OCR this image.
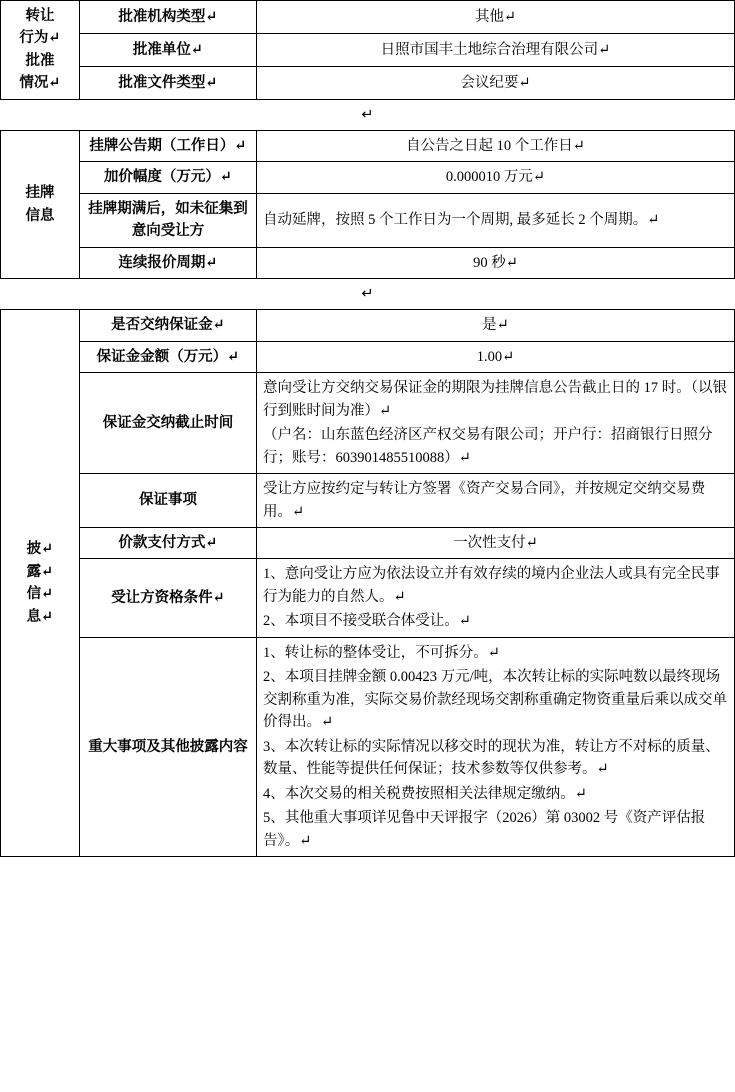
转让
行为↵
批准
情况↵	批准机构类型↵	其他↵
	批准单位↵	日照市国丰土地综合治理有限公司↵
	批准文件类型↵	会议纪要↵
↵
挂牌
信息	挂牌公告期（工作日）↵	自公告之日起 10 个工作日↵
	加价幅度（万元）↵	0.000010 万元↵
	挂牌期满后，如未征集到意向受让方	自动延牌，按照 5 个工作日为一个周期, 最多延长 2 个周期。↵
	连续报价周期↵	90 秒↵
↵
披↵
露↵
信↵
息↵	是否交纳保证金↵	是↵
	保证金金额（万元）↵	1.00↵
	保证金交纳截止时间	意向受让方交纳交易保证金的期限为挂牌信息公告截止日的 17 时。（以银行到账时间为准）↵

（户名：山东蓝色经济区产权交易有限公司；开户行：招商银行日照分行；账号：603901485510088）↵

	保证事项	受让方应按约定与转让方签署《资产交易合同》，并按规定交纳交易费用。↵
	价款支付方式↵	一次性支付↵
	受让方资格条件↵	1、意向受让方应为依法设立并有效存续的境内企业法人或具有完全民事行为能力的自然人。↵

2、本项目不接受联合体受让。↵

	重大事项及其他披露内容	1、转让标的整体受让，不可拆分。↵

2、本项目挂牌金额 0.00423 万元/吨，本次转让标的实际吨数以最终现场交割称重为准，实际交易价款经现场交割称重确定物资重量后乘以成交单价得出。↵

3、本次转让标的实际情况以移交时的现状为准，转让方不对标的质量、数量、性能等提供任何保证；技术参数等仅供参考。↵

4、本次交易的相关税费按照相关法律规定缴纳。↵

5、其他重大事项详见鲁中天评报字（2026）第 03002 号《资产评估报告》。↵
